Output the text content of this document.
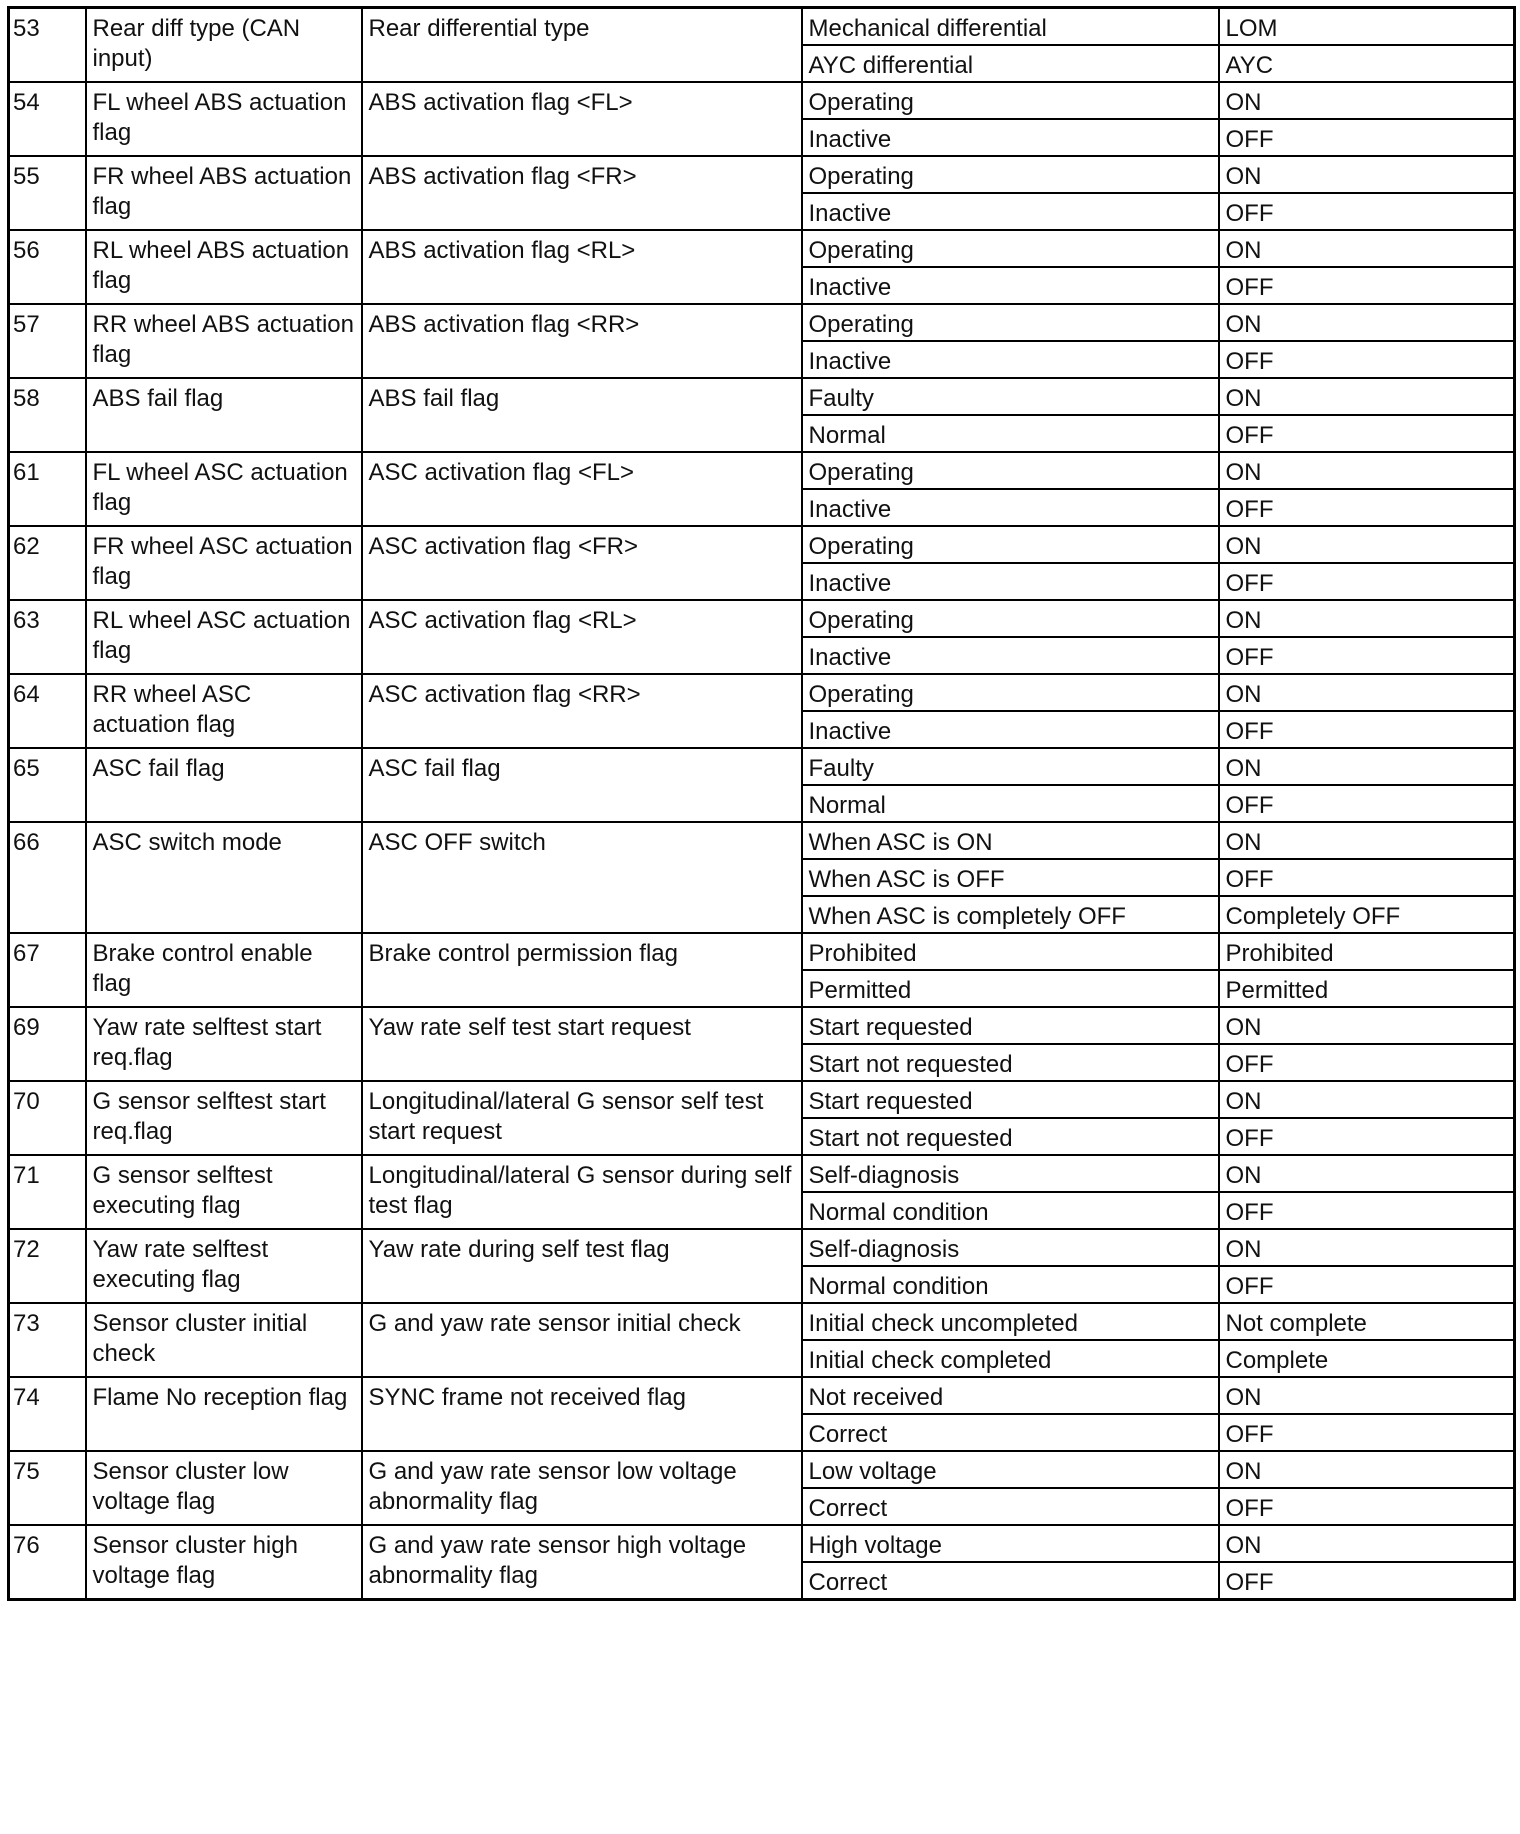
53	Rear diff type (CAN input)	Rear differential type	Mechanical differential	LOM
			AYC differential	AYC
54	FL wheel ABS actuation flag	ABS activation flag <FL>	Operating	ON
			Inactive	OFF
55	FR wheel ABS actuation flag	ABS activation flag <FR>	Operating	ON
			Inactive	OFF
56	RL wheel ABS actuation flag	ABS activation flag <RL>	Operating	ON
			Inactive	OFF
57	RR wheel ABS actuation flag	ABS activation flag <RR>	Operating	ON
			Inactive	OFF
58	ABS fail flag	ABS fail flag	Faulty	ON
			Normal	OFF
61	FL wheel ASC actuation flag	ASC activation flag <FL>	Operating	ON
			Inactive	OFF
62	FR wheel ASC actuation flag	ASC activation flag <FR>	Operating	ON
			Inactive	OFF
63	RL wheel ASC actuation flag	ASC activation flag <RL>	Operating	ON
			Inactive	OFF
64	RR wheel ASC actuation flag	ASC activation flag <RR>	Operating	ON
			Inactive	OFF
65	ASC fail flag	ASC fail flag	Faulty	ON
			Normal	OFF
66	ASC switch mode	ASC OFF switch	When ASC is ON	ON
			When ASC is OFF	OFF
			When ASC is completely OFF	Completely OFF
67	Brake control enable flag	Brake control permission flag	Prohibited	Prohibited
			Permitted	Permitted
69	Yaw rate selftest start req.flag	Yaw rate self test start request	Start requested	ON
			Start not requested	OFF
70	G sensor selftest start req.flag	Longitudinal/lateral G sensor self test start request	Start requested	ON
			Start not requested	OFF
71	G sensor selftest executing flag	Longitudinal/lateral G sensor during self test flag	Self-diagnosis	ON
			Normal condition	OFF
72	Yaw rate selftest executing flag	Yaw rate during self test flag	Self-diagnosis	ON
			Normal condition	OFF
73	Sensor cluster initial check	G and yaw rate sensor initial check	Initial check uncompleted	Not complete
			Initial check completed	Complete
74	Flame No reception flag	SYNC frame not received flag	Not received	ON
			Correct	OFF
75	Sensor cluster low voltage flag	G and yaw rate sensor low voltage abnormality flag	Low voltage	ON
			Correct	OFF
76	Sensor cluster high voltage flag	G and yaw rate sensor high voltage abnormality flag	High voltage	ON
			Correct	OFF
